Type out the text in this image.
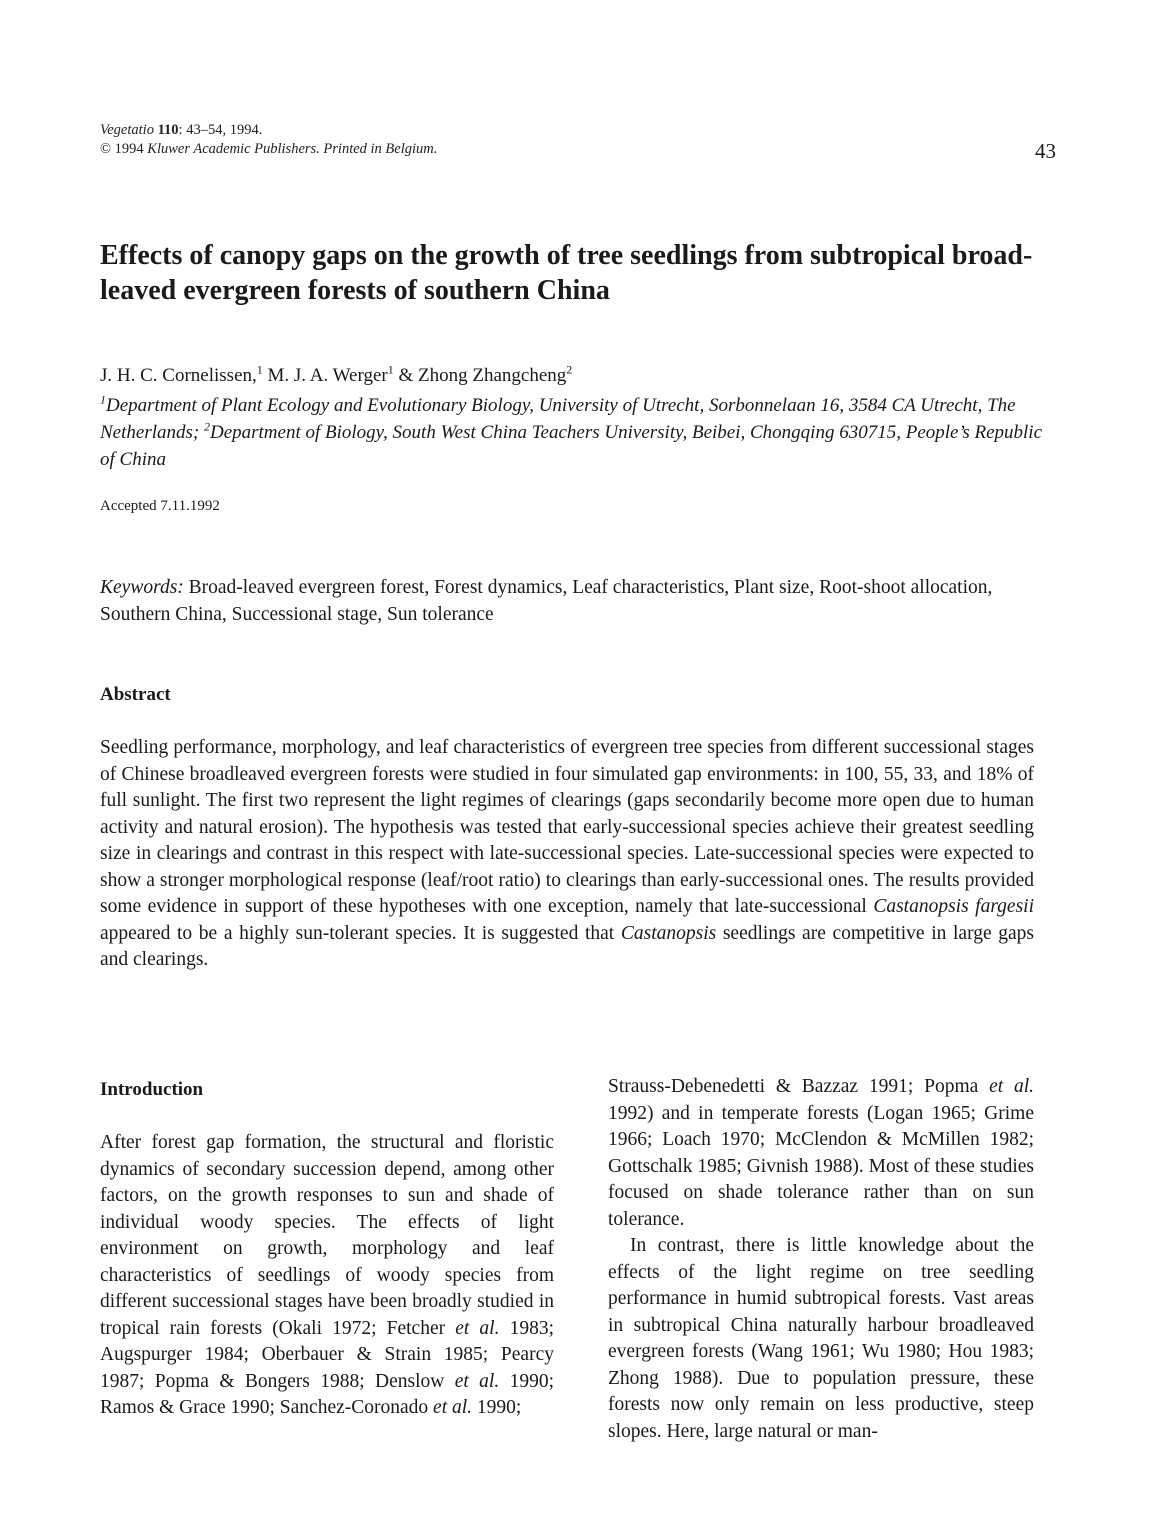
Vegetatio 110: 43–54, 1994.
© 1994 Kluwer Academic Publishers. Printed in Belgium.	43
Effects of canopy gaps on the growth of tree seedlings from subtropical broad-leaved evergreen forests of southern China
J. H. C. Cornelissen,$^1$ M. J. A. Werger$^1$ & Zhong Zhangcheng$^2$
$^1$Department of Plant Ecology and Evolutionary Biology, University of Utrecht, Sorbonnelaan 16, 3584 CA Utrecht, The Netherlands; $^2$Department of Biology, South West China Teachers University, Beibei, Chongqing 630715, People’s Republic of China
Accepted 7.11.1992
Keywords: Broad-leaved evergreen forest, Forest dynamics, Leaf characteristics, Plant size, Root-shoot allocation, Southern China, Successional stage, Sun tolerance
Abstract

Seedling performance, morphology, and leaf characteristics of evergreen tree species from different successional stages of Chinese broadleaved evergreen forests were studied in four simulated gap environments: in 100, 55, 33, and 18% of full sunlight. The first two represent the light regimes of clearings (gaps secondarily become more open due to human activity and natural erosion). The hypothesis was tested that early-successional species achieve their greatest seedling size in clearings and contrast in this respect with late-successional species. Late-successional species were expected to show a stronger morphological response (leaf/root ratio) to clearings than early-successional ones. The results provided some evidence in support of these hypotheses with one exception, namely that late-successional Castanopsis fargesii appeared to be a highly sun-tolerant species. It is suggested that Castanopsis seedlings are competitive in large gaps and clearings.

Introduction

After forest gap formation, the structural and floristic dynamics of secondary succession depend, among other factors, on the growth responses to sun and shade of individual woody species. The effects of light environment on growth, morphology and leaf characteristics of seedlings of woody species from different successional stages have been broadly studied in tropical rain forests (Okali 1972; Fetcher et al. 1983; Augspurger 1984; Oberbauer & Strain 1985; Pearcy 1987; Popma & Bongers 1988; Denslow et al. 1990; Ramos & Grace 1990; Sanchez-Coronado et al. 1990;

Strauss-Debenedetti & Bazzaz 1991; Popma et al. 1992) and in temperate forests (Logan 1965; Grime 1966; Loach 1970; McClendon & McMillen 1982; Gottschalk 1985; Givnish 1988). Most of these studies focused on shade tolerance rather than on sun tolerance.

In contrast, there is little knowledge about the effects of the light regime on tree seedling performance in humid subtropical forests. Vast areas in subtropical China naturally harbour broadleaved evergreen forests (Wang 1961; Wu 1980; Hou 1983; Zhong 1988). Due to population pressure, these forests now only remain on less productive, steep slopes. Here, large natural or man-
